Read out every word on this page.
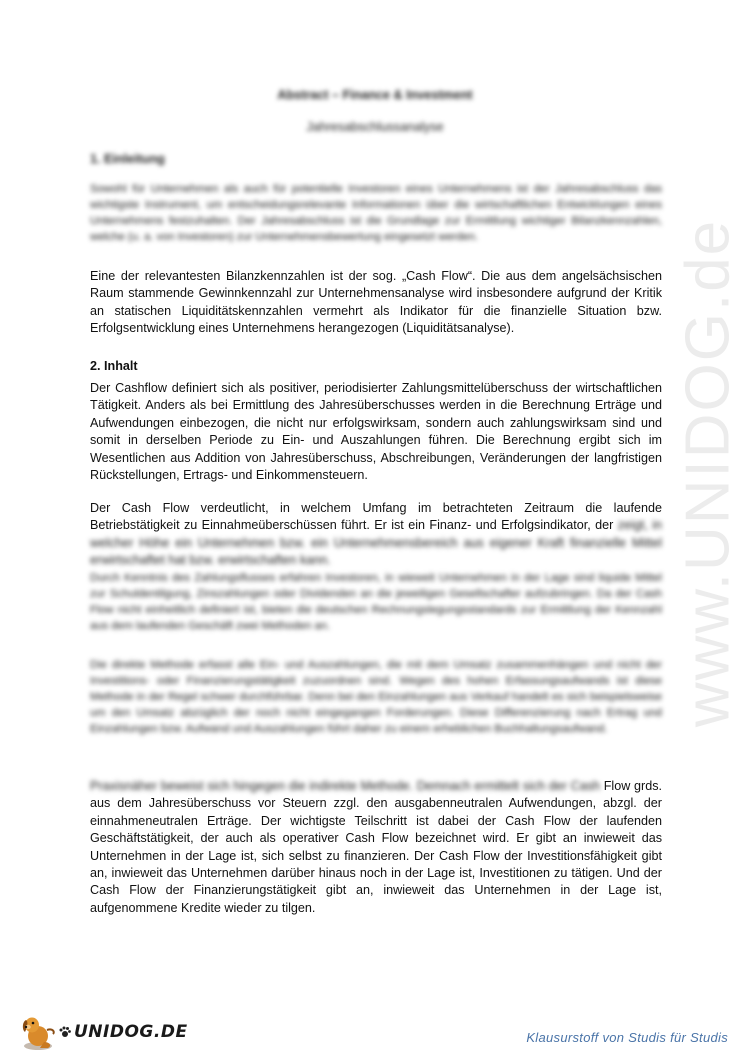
www.UNIDOG.de
Abstract – Finance & Investment
Jahresabschlussanalyse
1. Einleitung

Sowohl für Unternehmen als auch für potentielle Investoren eines Unternehmens ist der Jahresabschluss das wichtigste Instrument, um entscheidungsrelevante Informationen über die wirtschaftlichen Entwicklungen eines Unternehmens festzuhalten. Der Jahresabschluss ist die Grundlage zur Ermittlung wichtiger Bilanzkennzahlen, welche (u. a. von Investoren) zur Unternehmensbewertung eingesetzt werden.

Eine der relevantesten Bilanzkennzahlen ist der sog. „Cash Flow“. Die aus dem angelsächsischen Raum stammende Gewinnkennzahl zur Unternehmensanalyse wird insbesondere aufgrund der Kritik an statischen Liquiditätskennzahlen vermehrt als Indikator für die finanzielle Situation bzw. Erfolgsentwicklung eines Unternehmens herangezogen (Liquiditätsanalyse).

2. Inhalt

Der Cashflow definiert sich als positiver, periodisierter Zahlungsmittelüberschuss der wirtschaftlichen Tätigkeit. Anders als bei Ermittlung des Jahresüberschusses werden in die Berechnung Erträge und Aufwendungen einbezogen, die nicht nur erfolgswirksam, sondern auch zahlungswirksam sind und somit in derselben Periode zu Ein- und Auszahlungen führen. Die Berechnung ergibt sich im Wesentlichen aus Addition von Jahresüberschuss, Abschreibungen, Veränderungen der langfristigen Rückstellungen, Ertrags- und Einkommensteuern.

Der Cash Flow verdeutlicht, in welchem Umfang im betrachteten Zeitraum die laufende Betriebstätigkeit zu Einnahmeüberschüssen führt. Er ist ein Finanz- und Erfolgsindikator, der zeigt, in welcher Höhe ein Unternehmen bzw. ein Unternehmensbereich aus eigener Kraft finanzielle Mittel erwirtschaftet hat bzw. erwirtschaften kann.

Durch Kenntnis des Zahlungsflusses erfahren Investoren, in wieweit Unternehmen in der Lage sind liquide Mittel zur Schuldentilgung, Zinszahlungen oder Dividenden an die jeweiligen Gesellschafter aufzubringen. Da der Cash Flow nicht einheitlich definiert ist, bieten die deutschen Rechnungslegungsstandards zur Ermittlung der Kennzahl aus dem laufenden Geschäft zwei Methoden an.

Die direkte Methode erfasst alle Ein- und Auszahlungen, die mit dem Umsatz zusammenhängen und nicht der Investitions- oder Finanzierungstätigkeit zuzuordnen sind. Wegen des hohen Erfassungsaufwands ist diese Methode in der Regel schwer durchführbar. Denn bei den Einzahlungen aus Verkauf handelt es sich beispielsweise um den Umsatz abzüglich der noch nicht eingegangen Forderungen. Diese Differenzierung nach Ertrag und Einzahlungen bzw. Aufwand und Auszahlungen führt daher zu einem erheblichen Buchhaltungsaufwand.

Praxisnäher beweist sich hingegen die indirekte Methode. Demnach ermittelt sich der Cash Flow grds. aus dem Jahresüberschuss vor Steuern zzgl. den ausgabenneutralen Aufwendungen, abzgl. der einnahmeneutralen Erträge. Der wichtigste Teilschritt ist dabei der Cash Flow der laufenden Geschäftstätigkeit, der auch als operativer Cash Flow bezeichnet wird. Er gibt an inwieweit das Unternehmen in der Lage ist, sich selbst zu finanzieren. Der Cash Flow der Investitionsfähigkeit gibt an, inwieweit das Unternehmen darüber hinaus noch in der Lage ist, Investitionen zu tätigen. Und der Cash Flow der Finanzierungstätigkeit gibt an, inwieweit das Unternehmen in der Lage ist, aufgenommene Kredite wieder zu tilgen.

UNIDOG.DE	Klausurstoff von Studis für Studis
